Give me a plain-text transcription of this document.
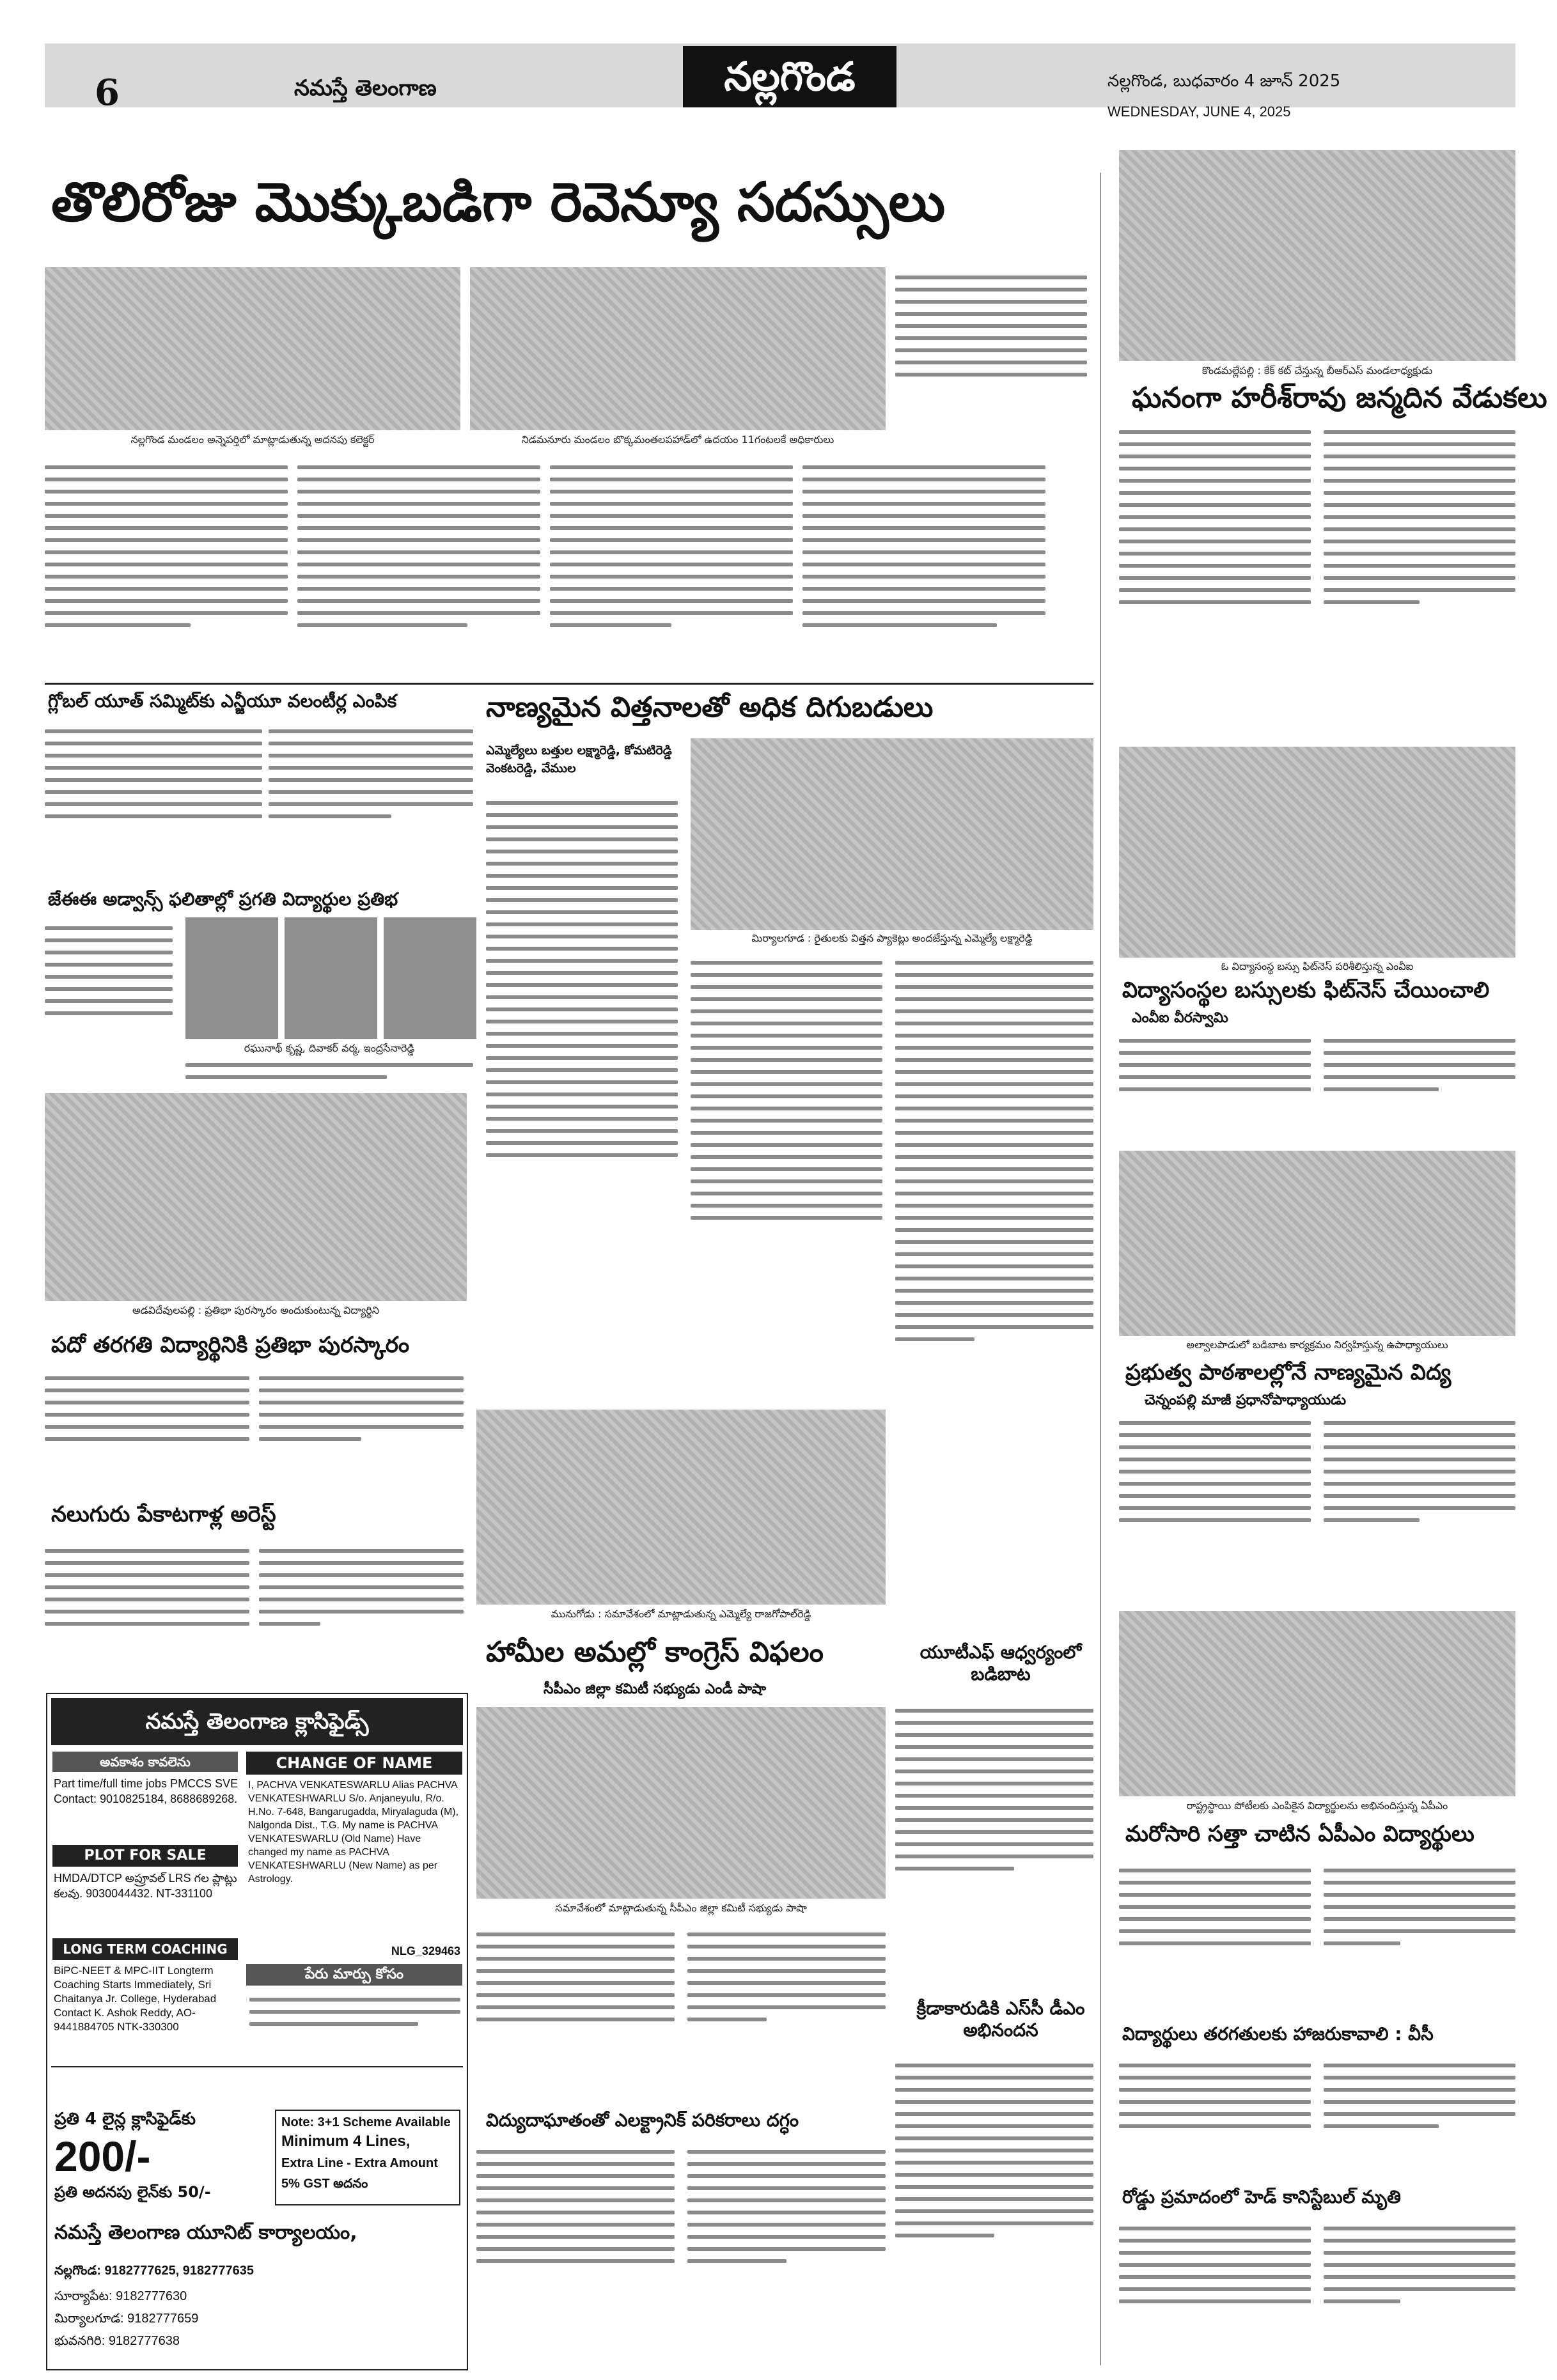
6	నమస్తే తెలంగాణ	నల్లగొండ	నల్లగొండ, బుధవారం 4 జూన్ 2025
WEDNESDAY, JUNE 4, 2025
తొలిరోజు మొక్కుబడిగా రెవెన్యూ సదస్సులు
నల్లగొండ మండలం అన్నెపర్తిలో మాట్లాడుతున్న అదనపు కలెక్టర్	నిడమనూరు మండలం బొక్కమంతలపహాడ్‌లో ఉదయం 11గంటలకే అధికారులు
కొండమల్లేపల్లి : కేక్ కట్ చేస్తున్న బీఆర్ఎస్ మండలాధ్యక్షుడు
ఘనంగా హరీశ్‌రావు జన్మదిన వేడుకలు
గ్లోబల్ యూత్ సమ్మిట్‌కు ఎన్జీయూ వలంటీర్ల ఎంపిక	నాణ్యమైన విత్తనాలతో అధిక దిగుబడులు
ఎమ్మెల్యేలు బత్తుల లక్ష్మారెడ్డి, కోమటిరెడ్డి వెంకటరెడ్డి, వేముల
మిర్యాలగూడ : రైతులకు విత్తన ప్యాకెట్లు అందజేస్తున్న ఎమ్మెల్యే లక్ష్మారెడ్డి
మునుగోడు : సమావేశంలో మాట్లాడుతున్న ఎమ్మెల్యే రాజగోపాల్‌రెడ్డి
జేఈఈ అడ్వాన్స్ ఫలితాల్లో ప్రగతి విద్యార్థుల ప్రతిభ
ర‌ఘునాథ్ కృష్ణ, దివాకర్ వర్మ, ఇంద్రసేనారెడ్డి
అడవిదేవులపల్లి : ప్రతిభా పురస్కారం అందుకుంటున్న విద్యార్థిని
పదో తరగతి విద్యార్థినికి ప్రతిభా పురస్కారం
నలుగురు పేకాటగాళ్ల అరెస్ట్
ఓ విద్యాసంస్థ బస్సు ఫిట్‌నెస్ పరిశీలిస్తున్న ఎంవీఐ
విద్యాసంస్థల బస్సులకు ఫిట్‌నెస్ చేయించాలి
ఎంవీఐ వీరస్వామి
అల్వాలపాడులో బడిబాట కార్యక్రమం నిర్వహిస్తున్న ఉపాధ్యాయులు
ప్రభుత్వ పాఠశాలల్లోనే నాణ్యమైన విద్య
చెన్నంపల్లి మాజీ ప్రధానోపాధ్యాయుడు
హామీల అమల్లో కాంగ్రెస్ విఫలం
సీపీఎం జిల్లా కమిటీ సభ్యుడు ఎండీ పాషా
సమావేశంలో మాట్లాడుతున్న సీపీఎం జిల్లా కమిటీ సభ్యుడు పాషా
యూటీఎఫ్ ఆధ్వర్యంలో బడిబాట
క్రీడాకారుడికి ఎస్‌సీ డీఎం అభినందన
రాష్ట్రస్థాయి పోటీలకు ఎంపికైన విద్యార్థులను అభినందిస్తున్న ఏపీఎం
మరోసారి సత్తా చాటిన ఏపీఎం విద్యార్థులు
విద్యార్థులు తరగతులకు హాజరుకావాలి : వీసీ
విద్యుదాఘాతంతో ఎలక్ట్రానిక్ పరికరాలు దగ్ధం
రోడ్డు ప్రమాదంలో హెడ్ కానిస్టేబుల్ మృతి
నమస్తే తెలంగాణ క్లాసిఫైడ్స్
అవకాశం కావలెను
Part time/full time jobs PMCCS SVE Contact: 9010825184, 8688689268.
PLOT FOR SALE
HMDA/DTCP అప్రూవల్ LRS గల ప్లాట్లు కలవు. 9030044432. NT-331100
LONG TERM COACHING
BiPC-NEET & MPC-IIT Longterm Coaching Starts Immediately, Sri Chaitanya Jr. College, Hyderabad Contact K. Ashok Reddy, AO-9441884705 NTK-330300
CHANGE OF NAME
I, PACHVA VENKATESWARLU Alias PACHVA VENKATESHWARLU S/o. Anjaneyulu, R/o. H.No. 7-648, Bangarugadda, Miryalaguda (M), Nalgonda Dist., T.G. My name is PACHVA VENKATESWARLU (Old Name) Have changed my name as PACHVA VENKATESHWARLU (New Name) as per Astrology.
NLG_329463
పేరు మార్పు కోసం
ప్రతి 4 లైన్ల క్లాసిఫైడ్‌కు
200/-
ప్రతి అదనపు లైన్‌కు 50/-
Note: 3+1 Scheme Available
Minimum 4 Lines,
Extra Line - Extra Amount
5% GST అదనం
నమస్తే తెలంగాణ యూనిట్ కార్యాలయం,
నల్లగొండ: 9182777625, 9182777635
సూర్యాపేట: 9182777630
మిర్యాలగూడ: 9182777659
భువనగిరి: 9182777638
